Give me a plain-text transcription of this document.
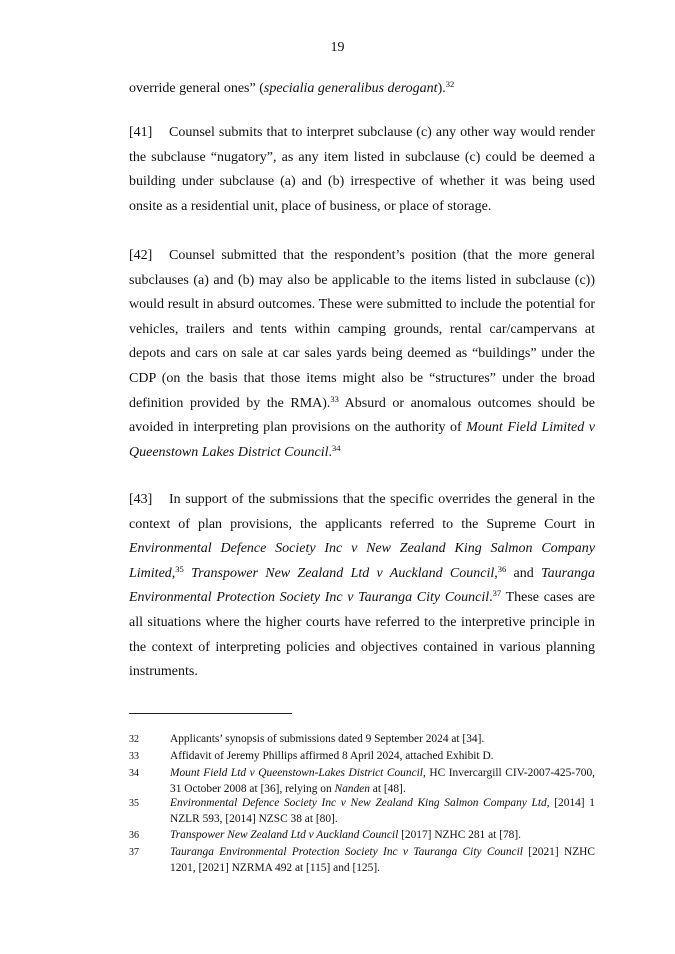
19

override general ones” (specialia generalibus derogant).$^{32}$

[41] Counsel submits that to interpret subclause (c) any other way would render the subclause “nugatory”, as any item listed in subclause (c) could be deemed a building under subclause (a) and (b) irrespective of whether it was being used onsite as a residential unit, place of business, or place of storage.

[42] Counsel submitted that the respondent’s position (that the more general subclauses (a) and (b) may also be applicable to the items listed in subclause (c)) would result in absurd outcomes. These were submitted to include the potential for vehicles, trailers and tents within camping grounds, rental car/campervans at depots and cars on sale at car sales yards being deemed as “buildings” under the CDP (on the basis that those items might also be “structures” under the broad definition provided by the RMA).$^{33}$ Absurd or anomalous outcomes should be avoided in interpreting plan provisions on the authority of Mount Field Limited v Queenstown Lakes District Council.$^{34}$

[43] In support of the submissions that the specific overrides the general in the context of plan provisions, the applicants referred to the Supreme Court in Environmental Defence Society Inc v New Zealand King Salmon Company Limited,$^{35}$ Transpower New Zealand Ltd v Auckland Council,$^{36}$ and Tauranga Environmental Protection Society Inc v Tauranga City Council.$^{37}$ These cases are all situations where the higher courts have referred to the interpretive principle in the context of interpreting policies and objectives contained in various planning instruments.

32	Applicants’ synopsis of submissions dated 9 September 2024 at [34].
33	Affidavit of Jeremy Phillips affirmed 8 April 2024, attached Exhibit D.
34	Mount Field Ltd v Queenstown-Lakes District Council, HC Invercargill CIV-2007-425-700, 31 October 2008 at [36], relying on Nanden at [48].
35	Environmental Defence Society Inc v New Zealand King Salmon Company Ltd, [2014] 1 NZLR 593, [2014] NZSC 38 at [80].
36	Transpower New Zealand Ltd v Auckland Council [2017] NZHC 281 at [78].
37	Tauranga Environmental Protection Society Inc v Tauranga City Council [2021] NZHC 1201, [2021] NZRMA 492 at [115] and [125].
